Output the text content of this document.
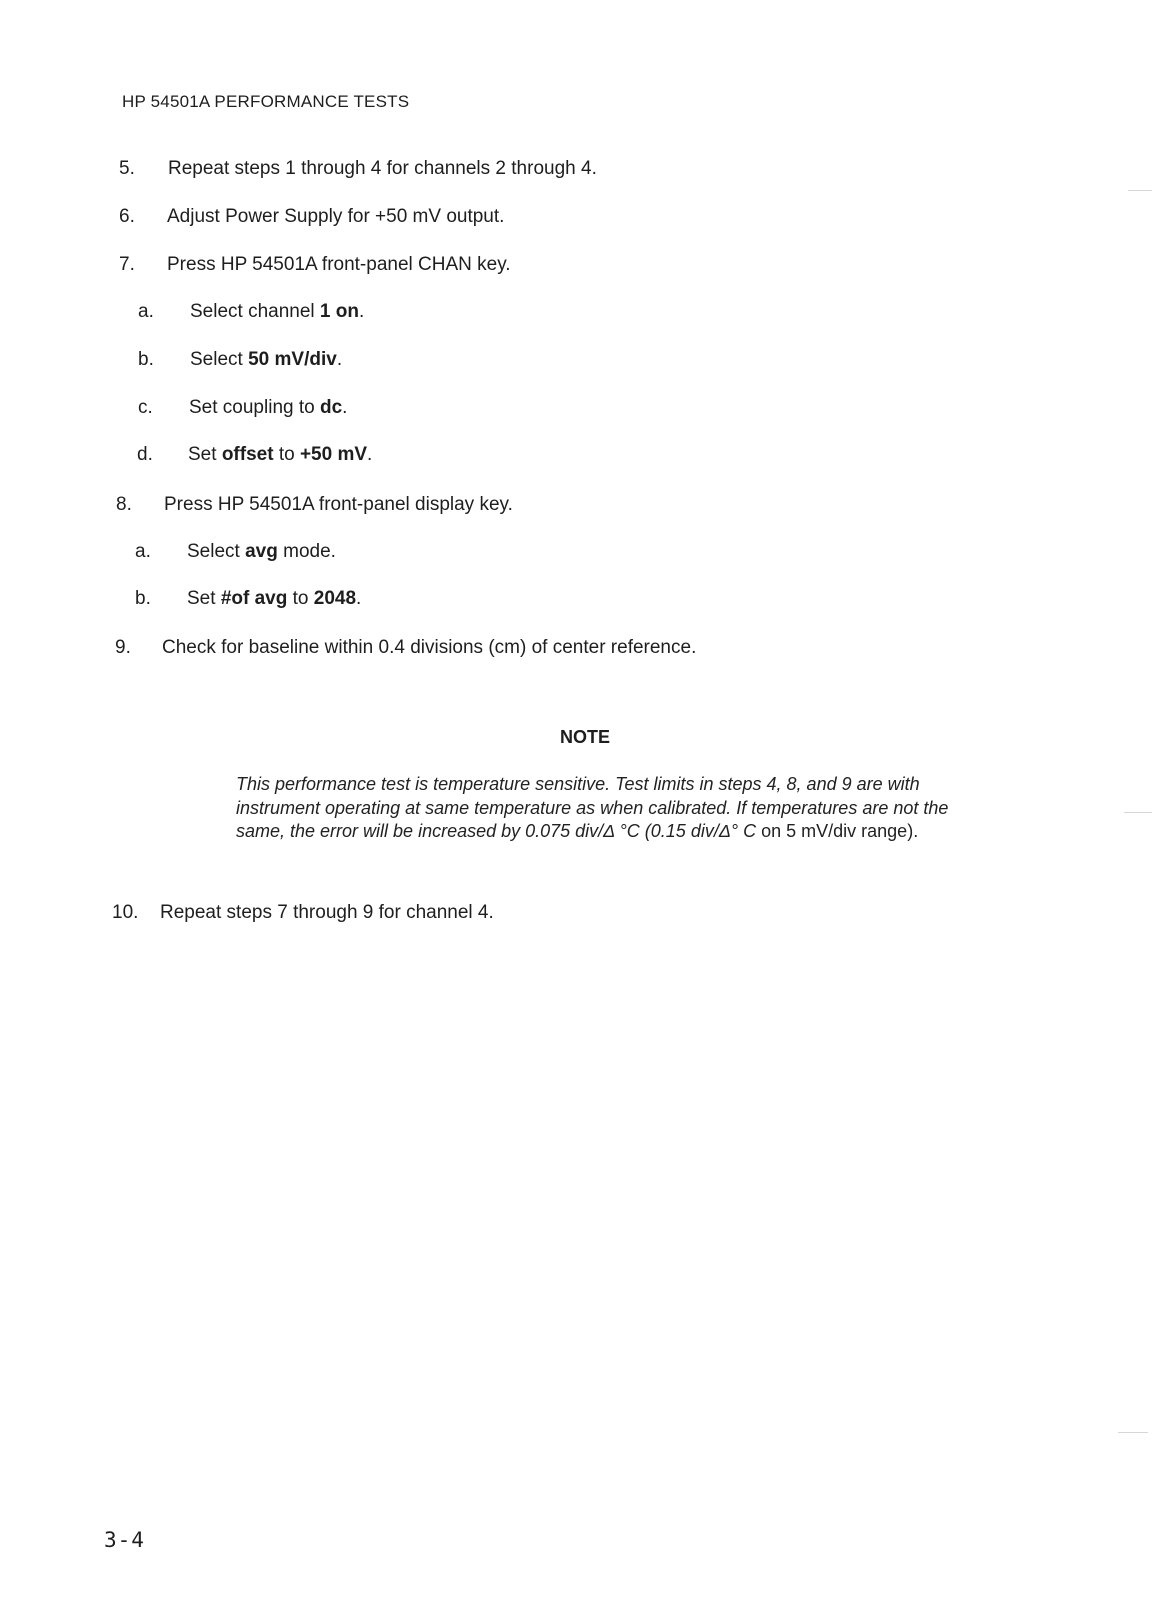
HP 54501A PERFORMANCE TESTS
5. Repeat steps 1 through 4 for channels 2 through 4.
6. Adjust Power Supply for +50 mV output.
7. Press HP 54501A front-panel CHAN key.
a. Select channel 1 on.
b. Select 50 mV/div.
c. Set coupling to dc.
d. Set offset to +50 mV.
8. Press HP 54501A front-panel display key.
a. Select avg mode.
b. Set #of avg to 2048.
9. Check for baseline within 0.4 divisions (cm) of center reference.
NOTE
This performance test is temperature sensitive. Test limits in steps 4, 8, and 9 are with instrument operating at same temperature as when calibrated. If temperatures are not the same, the error will be increased by 0.075 div/Δ °C (0.15 div/Δ° C on 5 mV/div range).
10. Repeat steps 7 through 9 for channel 4.
3-4
